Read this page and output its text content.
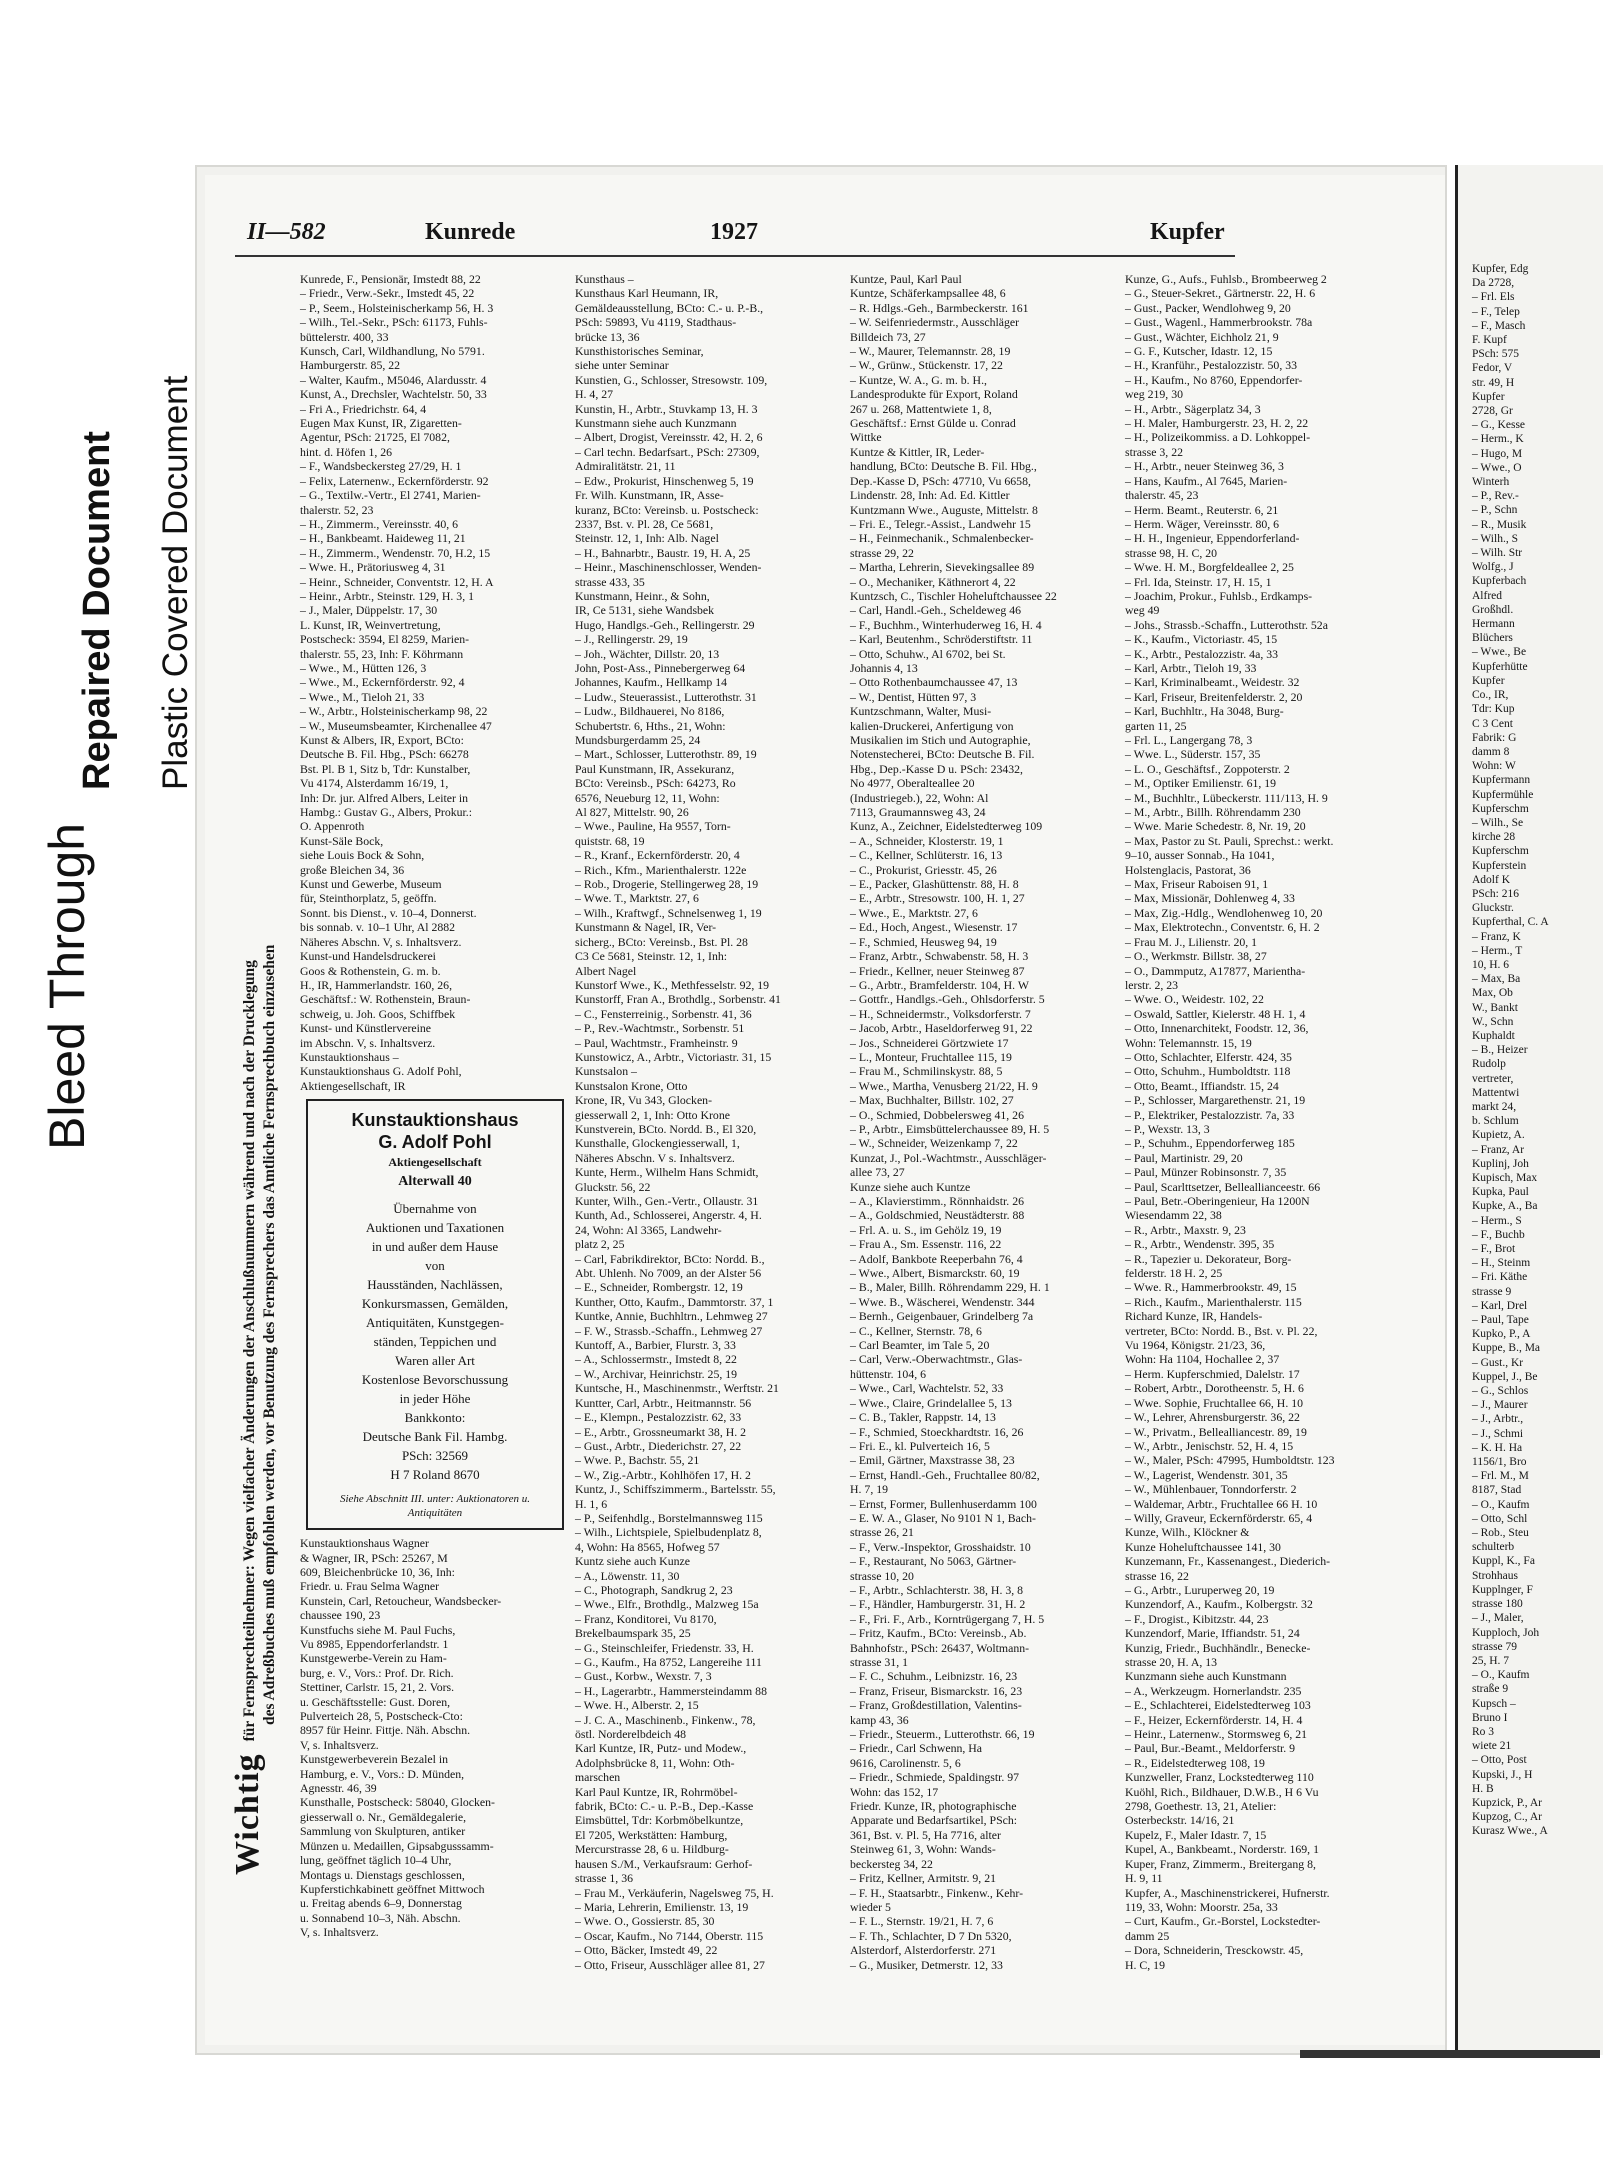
Bleed Through
Repaired Document Plastic Covered Document
II—582	Kunrede	1927	Kupfer
Wichtigfür Fernsprechteilnehmer: Wegen vielfacher Änderungen der Anschlußnummern während und nach der Drucklegung des Adreßbuches muß empfohlen werden, vor Benutzung des Fernsprechers das Amtliche Fernsprechbuch einzusehen
Kunrede, F., Pensionär, Imstedt 88, 22
– Friedr., Verw.-Sekr., Imstedt 45, 22
– P., Seem., Holsteinischerkamp 56, H. 3
– Wilh., Tel.-Sekr., PSch: 61173, Fuhls-
büttelerstr. 400, 33
Kunsch, Carl, Wildhandlung, No 5791.
Hamburgerstr. 85, 22
– Walter, Kaufm., M5046, Alardusstr. 4
Kunst, A., Drechsler, Wachtelstr. 50, 33
– Fri A., Friedrichstr. 64, 4
Eugen Max Kunst, IR, Zigaretten-
Agentur, PSch: 21725, El 7082,
hint. d. Höfen 1, 26
– F., Wandsbeckersteg 27/29, H. 1
– Felix, Laternenw., Eckernförderstr. 92
– G., Textilw.-Vertr., El 2741, Marien-
thalerstr. 52, 23
– H., Zimmerm., Vereinsstr. 40, 6
– H., Bankbeamt. Haideweg 11, 21
– H., Zimmerm., Wendenstr. 70, H.2, 15
– Wwe. H., Prätoriusweg 4, 31
– Heinr., Schneider, Conventstr. 12, H. A
– Heinr., Arbtr., Steinstr. 129, H. 3, 1
– J., Maler, Düppelstr. 17, 30
L. Kunst, IR, Weinvertretung,
Postscheck: 3594, El 8259, Marien-
thalerstr. 55, 23, Inh: F. Köhrmann
– Wwe., M., Hütten 126, 3
– Wwe., M., Eckernförderstr. 92, 4
– Wwe., M., Tieloh 21, 33
– W., Arbtr., Holsteinischerkamp 98, 22
– W., Museumsbeamter, Kirchenallee 47
Kunst & Albers, IR, Export, BCto:
Deutsche B. Fil. Hbg., PSch: 66278
Bst. Pl. B 1, Sitz b, Tdr: Kunstalber,
Vu 4174, Alsterdamm 16/19, 1,
Inh: Dr. jur. Alfred Albers, Leiter in
Hambg.: Gustav G., Albers, Prokur.:
O. Appenroth
Kunst-Säle Bock,
siehe Louis Bock & Sohn,
große Bleichen 34, 36
Kunst und Gewerbe, Museum
für, Steinthorplatz, 5, geöffn.
Sonnt. bis Dienst., v. 10–4, Donnerst.
bis sonnab. v. 10–1 Uhr, Al 2882
Näheres Abschn. V, s. Inhaltsverz.
Kunst-und Handelsdruckerei
Goos & Rothenstein, G. m. b.
H., IR, Hammerlandstr. 160, 26,
Geschäftsf.: W. Rothenstein, Braun-
schweig, u. Joh. Goos, Schiffbek
Kunst- und Künstlervereine
im Abschn. V, s. Inhaltsverz.
Kunstauktionshaus –
Kunstauktionshaus G. Adolf Pohl,
Aktiengesellschaft, IR
Kunstauktionshaus
G. Adolf Pohl
Aktiengesellschaft
Alterwall 40
Übernahme von
Auktionen und Taxationen
in und außer dem Hause
von
Hausständen, Nachlässen,
Konkursmassen, Gemälden,
Antiquitäten, Kunstgegen-
ständen, Teppichen und
Waren aller Art
Kostenlose Bevorschussung
in jeder Höhe
Bankkonto:
Deutsche Bank Fil. Hambg.
PSch: 32569
H 7 Roland 8670
Siehe Abschnitt III. unter: Auktionatoren u. Antiquitäten
Kunstauktionshaus Wagner
& Wagner, IR, PSch: 25267, M
609, Bleichenbrücke 10, 36, Inh:
Friedr. u. Frau Selma Wagner
Kunstein, Carl, Retoucheur, Wandsbecker-
chaussee 190, 23
Kunstfuchs siehe M. Paul Fuchs,
Vu 8985, Eppendorferlandstr. 1
Kunstgewerbe-Verein zu Ham-
burg, e. V., Vors.: Prof. Dr. Rich.
Stettiner, Carlstr. 15, 21, 2. Vors.
u. Geschäftsstelle: Gust. Doren,
Pulverteich 28, 5, Postscheck-Cto:
8957 für Heinr. Fittje. Näh. Abschn.
V, s. Inhaltsverz.
Kunstgewerbeverein Bezalel in
Hamburg, e. V., Vors.: D. Münden,
Agnesstr. 46, 39
Kunsthalle, Postscheck: 58040, Glocken-
giesserwall o. Nr., Gemäldegalerie,
Sammlung von Skulpturen, antiker
Münzen u. Medaillen, Gipsabgusssamm-
lung, geöffnet täglich 10–4 Uhr,
Montags u. Dienstags geschlossen,
Kupferstichkabinett geöffnet Mittwoch
u. Freitag abends 6–9, Donnerstag
u. Sonnabend 10–3, Näh. Abschn.
V, s. Inhaltsverz.
Kunsthaus –
Kunsthaus Karl Heumann, IR,
Gemäldeausstellung, BCto: C.- u. P.-B.,
PSch: 59893, Vu 4119, Stadthaus-
brücke 13, 36
Kunsthistorisches Seminar,
siehe unter Seminar
Kunstien, G., Schlosser, Stresowstr. 109,
H. 4, 27
Kunstin, H., Arbtr., Stuvkamp 13, H. 3
Kunstmann siehe auch Kunzmann
– Albert, Drogist, Vereinsstr. 42, H. 2, 6
– Carl techn. Bedarfsart., PSch: 27309,
Admiralitätstr. 21, 11
– Edw., Prokurist, Hinschenweg 5, 19
Fr. Wilh. Kunstmann, IR, Asse-
kuranz, BCto: Vereinsb. u. Postscheck:
2337, Bst. v. Pl. 28, Ce 5681,
Steinstr. 12, 1, Inh: Alb. Nagel
– H., Bahnarbtr., Baustr. 19, H. A, 25
– Heinr., Maschinenschlosser, Wenden-
strasse 433, 35
Kunstmann, Heinr., & Sohn,
IR, Ce 5131, siehe Wandsbek
Hugo, Handlgs.-Geh., Rellingerstr. 29
– J., Rellingerstr. 29, 19
– Joh., Wächter, Dillstr. 20, 13
John, Post-Ass., Pinnebergerweg 64
Johannes, Kaufm., Hellkamp 14
– Ludw., Steuerassist., Lutterothstr. 31
– Ludw., Bildhauerei, No 8186,
Schubertstr. 6, Hths., 21, Wohn:
Mundsburgerdamm 25, 24
– Mart., Schlosser, Lutterothstr. 89, 19
Paul Kunstmann, IR, Assekuranz,
BCto: Vereinsb., PSch: 64273, Ro
6576, Neueburg 12, 11, Wohn:
Al 827, Mittelstr. 90, 26
– Wwe., Pauline, Ha 9557, Torn-
quiststr. 68, 19
– R., Kranf., Eckernförderstr. 20, 4
– Rich., Kfm., Marienthalerstr. 122e
– Rob., Drogerie, Stellingerweg 28, 19
– Wwe. T., Marktstr. 27, 6
– Wilh., Kraftwgf., Schnelsenweg 1, 19
Kunstmann & Nagel, IR, Ver-
sicherg., BCto: Vereinsb., Bst. Pl. 28
C3 Ce 5681, Steinstr. 12, 1, Inh:
Albert Nagel
Kunstorf Wwe., K., Methfesselstr. 92, 19
Kunstorff, Fran A., Brothdlg., Sorbenstr. 41
– C., Fensterreinig., Sorbenstr. 41, 36
– P., Rev.-Wachtmstr., Sorbenstr. 51
– Paul, Wachtmstr., Framheinstr. 9
Kunstowicz, A., Arbtr., Victoriastr. 31, 15
Kunstsalon –
Kunstsalon Krone, Otto
Krone, IR, Vu 343, Glocken-
giesserwall 2, 1, Inh: Otto Krone
Kunstverein, BCto. Nordd. B., El 320,
Kunsthalle, Glockengiesserwall, 1,
Näheres Abschn. V s. Inhaltsverz.
Kunte, Herm., Wilhelm Hans Schmidt,
Gluckstr. 56, 22
Kunter, Wilh., Gen.-Vertr., Ollaustr. 31
Kunth, Ad., Schlosserei, Angerstr. 4, H.
24, Wohn: Al 3365, Landwehr-
platz 2, 25
– Carl, Fabrikdirektor, BCto: Nordd. B.,
Abt. Uhlenh. No 7009, an der Alster 56
– E., Schneider, Rombergstr. 12, 19
Kunther, Otto, Kaufm., Dammtorstr. 37, 1
Kuntke, Annie, Buchhltrn., Lehmweg 27
– F. W., Strassb.-Schaffn., Lehmweg 27
Kuntoff, A., Barbier, Flurstr. 3, 33
– A., Schlossermstr., Imstedt 8, 22
– W., Archivar, Heinrichstr. 25, 19
Kuntsche, H., Maschinenmstr., Werftstr. 21
Kuntter, Carl, Arbtr., Heitmannstr. 56
– E., Klempn., Pestalozzistr. 62, 33
– E., Arbtr., Grossneumarkt 38, H. 2
– Gust., Arbtr., Diederichstr. 27, 22
– Wwe. P., Bachstr. 55, 21
– W., Zig.-Arbtr., Kohlhöfen 17, H. 2
Kuntz, J., Schiffszimmerm., Bartelsstr. 55,
H. 1, 6
– P., Seifenhdlg., Borstelmannsweg 115
– Wilh., Lichtspiele, Spielbudenplatz 8,
4, Wohn: Ha 8565, Hofweg 57
Kuntz siehe auch Kunze
– A., Löwenstr. 11, 30
– C., Photograph, Sandkrug 2, 23
– Wwe., Elfr., Brothdlg., Malzweg 15a
– Franz, Konditorei, Vu 8170,
Brekelbaumspark 35, 25
– G., Steinschleifer, Friedenstr. 33, H.
– G., Kaufm., Ha 8752, Langereihe 111
– Gust., Korbw., Wexstr. 7, 3
– H., Lagerarbtr., Hammersteindamm 88
– Wwe. H., Alberstr. 2, 15
– J. C. A., Maschinenb., Finkenw., 78,
östl. Norderelbdeich 48
Karl Kuntze, IR, Putz- und Modew.,
Adolphsbrücke 8, 11, Wohn: Oth-
marschen
Karl Paul Kuntze, IR, Rohrmöbel-
fabrik, BCto: C.- u. P.-B., Dep.-Kasse
Eimsbüttel, Tdr: Korbmöbelkuntze,
El 7205, Werkstätten: Hamburg,
Mercurstrasse 28, 6 u. Hildburg-
hausen S./M., Verkaufsraum: Gerhof-
strasse 1, 36
– Frau M., Verkäuferin, Nagelsweg 75, H.
– Maria, Lehrerin, Emilienstr. 13, 19
– Wwe. O., Gossierstr. 85, 30
– Oscar, Kaufm., No 7144, Oberstr. 115
– Otto, Bäcker, Imstedt 49, 22
– Otto, Friseur, Ausschläger allee 81, 27
Kuntze, Paul, Karl Paul
Kuntze, Schäferkampsallee 48, 6
– R. Hdlgs.-Geh., Barmbeckerstr. 161
– W. Seifenriedermstr., Ausschläger
Billdeich 73, 27
– W., Maurer, Telemannstr. 28, 19
– W., Grünw., Stückenstr. 17, 22
– Kuntze, W. A., G. m. b. H.,
Landesprodukte für Export, Roland
267 u. 268, Mattentwiete 1, 8,
Geschäftsf.: Ernst Gülde u. Conrad
Wittke
Kuntze & Kittler, IR, Leder-
handlung, BCto: Deutsche B. Fil. Hbg.,
Dep.-Kasse D, PSch: 47710, Vu 6658,
Lindenstr. 28, Inh: Ad. Ed. Kittler
Kuntzmann Wwe., Auguste, Mittelstr. 8
– Fri. E., Telegr.-Assist., Landwehr 15
– H., Feinmechanik., Schmalenbecker-
strasse 29, 22
– Martha, Lehrerin, Sievekingsallee 89
– O., Mechaniker, Käthnerort 4, 22
Kuntzsch, C., Tischler Hoheluftchaussee 22
– Carl, Handl.-Geh., Scheldeweg 46
– F., Buchhm., Winterhuderweg 16, H. 4
– Karl, Beutenhm., Schröderstiftstr. 11
– Otto, Schuhw., Al 6702, bei St.
Johannis 4, 13
– Otto Rothenbaumchaussee 47, 13
– W., Dentist, Hütten 97, 3
Kuntzschmann, Walter, Musi-
kalien-Druckerei, Anfertigung von
Musikalien im Stich und Autographie,
Notenstecherei, BCto: Deutsche B. Fil.
Hbg., Dep.-Kasse D u. PSch: 23432,
No 4977, Oberalteallee 20
(Industriegeb.), 22, Wohn: Al
7113, Graumannsweg 43, 24
Kunz, A., Zeichner, Eidelstedterweg 109
– A., Schneider, Klosterstr. 19, 1
– C., Kellner, Schlüterstr. 16, 13
– C., Prokurist, Griesstr. 45, 26
– E., Packer, Glashüttenstr. 88, H. 8
– E., Arbtr., Stresowstr. 100, H. 1, 27
– Wwe., E., Marktstr. 27, 6
– Ed., Hoch, Angest., Wiesenstr. 17
– F., Schmied, Heusweg 94, 19
– Franz, Arbtr., Schwabenstr. 58, H. 3
– Friedr., Kellner, neuer Steinweg 87
– G., Arbtr., Bramfelderstr. 104, H. W
– Gottfr., Handlgs.-Geh., Ohlsdorferstr. 5
– H., Schneidermstr., Volksdorferstr. 7
– Jacob, Arbtr., Haseldorferweg 91, 22
– Jos., Schneiderei Görtzwiete 17
– L., Monteur, Fruchtallee 115, 19
– Frau M., Schmilinskystr. 88, 5
– Wwe., Martha, Venusberg 21/22, H. 9
– Max, Buchhalter, Billstr. 102, 27
– O., Schmied, Dobbelersweg 41, 26
– P., Arbtr., Eimsbüttelerchaussee 89, H. 5
– W., Schneider, Weizenkamp 7, 22
Kunzat, J., Pol.-Wachtmstr., Ausschläger-
allee 73, 27
Kunze siehe auch Kuntze
– A., Klavierstimm., Rönnhaidstr. 26
– A., Goldschmied, Neustädterstr. 88
– Frl. A. u. S., im Gehölz 19, 19
– Frau A., Sm. Essenstr. 116, 22
– Adolf, Bankbote Reeperbahn 76, 4
– Wwe., Albert, Bismarckstr. 60, 19
– B., Maler, Billh. Röhrendamm 229, H. 1
– Wwe. B., Wäscherei, Wendenstr. 344
– Bernh., Geigenbauer, Grindelberg 7a
– C., Kellner, Sternstr. 78, 6
– Carl Beamter, im Tale 5, 20
– Carl, Verw.-Oberwachtmstr., Glas-
hüttenstr. 104, 6
– Wwe., Carl, Wachtelstr. 52, 33
– Wwe., Claire, Grindelallee 5, 13
– C. B., Takler, Rappstr. 14, 13
– F., Schmied, Stoeckhardtstr. 16, 26
– Fri. E., kl. Pulverteich 16, 5
– Emil, Gärtner, Maxstrasse 38, 23
– Ernst, Handl.-Geh., Fruchtallee 80/82,
H. 7, 19
– Ernst, Former, Bullenhuserdamm 100
– E. W. A., Glaser, No 9101 N 1, Bach-
strasse 26, 21
– F., Verw.-Inspektor, Grosshaidstr. 10
– F., Restaurant, No 5063, Gärtner-
strasse 10, 20
– F., Arbtr., Schlachterstr. 38, H. 3, 8
– F., Händler, Hamburgerstr. 31, H. 2
– F., Fri. F., Arb., Korntrügergang 7, H. 5
– Fritz, Kaufm., BCto: Vereinsb., Ab.
Bahnhofstr., PSch: 26437, Woltmann-
strasse 31, 1
– F. C., Schuhm., Leibnizstr. 16, 23
– Franz, Friseur, Bismarckstr. 16, 23
– Franz, Großdestillation, Valentins-
kamp 43, 36
– Friedr., Steuerm., Lutterothstr. 66, 19
– Friedr., Carl Schwenn, Ha
9616, Carolinenstr. 5, 6
– Friedr., Schmiede, Spaldingstr. 97
Wohn: das 152, 17
Friedr. Kunze, IR, photographische
Apparate und Bedarfsartikel, PSch:
361, Bst. v. Pl. 5, Ha 7716, alter
Steinweg 61, 3, Wohn: Wands-
beckersteg 34, 22
– Fritz, Kellner, Armitstr. 9, 21
– F. H., Staatsarbtr., Finkenw., Kehr-
wieder 5
– F. L., Sternstr. 19/21, H. 7, 6
– F. Th., Schlachter, D 7 Dn 5320,
Alsterdorf, Alsterdorferstr. 271
– G., Musiker, Detmerstr. 12, 33
Kunze, G., Aufs., Fuhlsb., Brombeerweg 2
– G., Steuer-Sekret., Gärtnerstr. 22, H. 6
– Gust., Packer, Wendlohweg 9, 20
– Gust., Wagenl., Hammerbrookstr. 78a
– Gust., Wächter, Eichholz 21, 9
– G. F., Kutscher, Idastr. 12, 15
– H., Kranführ., Pestalozzistr. 50, 33
– H., Kaufm., No 8760, Eppendorfer-
weg 219, 30
– H., Arbtr., Sägerplatz 34, 3
– H. Maler, Hamburgerstr. 23, H. 2, 22
– H., Polizeikommiss. a D. Lohkoppel-
strasse 3, 22
– H., Arbtr., neuer Steinweg 36, 3
– Hans, Kaufm., Al 7645, Marien-
thalerstr. 45, 23
– Herm. Beamt., Reuterstr. 6, 21
– Herm. Wäger, Vereinsstr. 80, 6
– H. H., Ingenieur, Eppendorferland-
strasse 98, H. C, 20
– Wwe. H. M., Borgfeldeallee 2, 25
– Frl. Ida, Steinstr. 17, H. 15, 1
– Joachim, Prokur., Fuhlsb., Erdkamps-
weg 49
– Johs., Strassb.-Schaffn., Lutterothstr. 52a
– K., Kaufm., Victoriastr. 45, 15
– K., Arbtr., Pestalozzistr. 4a, 33
– Karl, Arbtr., Tieloh 19, 33
– Karl, Kriminalbeamt., Weidestr. 32
– Karl, Friseur, Breitenfelderstr. 2, 20
– Karl, Buchhltr., Ha 3048, Burg-
garten 11, 25
– Frl. L., Langergang 78, 3
– Wwe. L., Süderstr. 157, 35
– L. O., Geschäftsf., Zoppoterstr. 2
– M., Optiker Emilienstr. 61, 19
– M., Buchhltr., Lübeckerstr. 111/113, H. 9
– M., Arbtr., Billh. Röhrendamm 230
– Wwe. Marie Schedestr. 8, Nr. 19, 20
– Max, Pastor zu St. Pauli, Sprechst.: werkt.
9–10, ausser Sonnab., Ha 1041,
Holstenglacis, Pastorat, 36
– Max, Friseur Raboisen 91, 1
– Max, Missionär, Dohlenweg 4, 33
– Max, Zig.-Hdlg., Wendlohenweg 10, 20
– Max, Elektrotechn., Conventstr. 6, H. 2
– Frau M. J., Lilienstr. 20, 1
– O., Werkmstr. Billstr. 38, 27
– O., Dammputz, A17877, Marientha-
lerstr. 2, 23
– Wwe. O., Weidestr. 102, 22
– Oswald, Sattler, Kielerstr. 48 H. 1, 4
– Otto, Innenarchitekt, Foodstr. 12, 36,
Wohn: Telemannstr. 15, 19
– Otto, Schlachter, Elferstr. 424, 35
– Otto, Schuhm., Humboldtstr. 118
– Otto, Beamt., Iffiandstr. 15, 24
– P., Schlosser, Margarethenstr. 21, 19
– P., Elektriker, Pestalozzistr. 7a, 33
– P., Wexstr. 13, 3
– P., Schuhm., Eppendorferweg 185
– Paul, Martinistr. 29, 20
– Paul, Münzer Robinsonstr. 7, 35
– Paul, Scarlttsetzer, Belleallianceestr. 66
– Paul, Betr.-Oberingenieur, Ha 1200N
Wiesendamm 22, 38
– R., Arbtr., Maxstr. 9, 23
– R., Arbtr., Wendenstr. 395, 35
– R., Tapezier u. Dekorateur, Borg-
felderstr. 18 H. 2, 25
– Wwe. R., Hammerbrookstr. 49, 15
– Rich., Kaufm., Marienthalerstr. 115
Richard Kunze, IR, Handels-
vertreter, BCto: Nordd. B., Bst. v. Pl. 22,
Vu 1964, Königstr. 21/23, 36,
Wohn: Ha 1104, Hochallee 2, 37
– Herm. Kupferschmied, Dalelstr. 17
– Robert, Arbtr., Dorotheenstr. 5, H. 6
– Wwe. Sophie, Fruchtallee 66, H. 10
– W., Lehrer, Ahrensburgerstr. 36, 22
– W., Privatm., Bellealliancestr. 89, 19
– W., Arbtr., Jenischstr. 52, H. 4, 15
– W., Maler, PSch: 47995, Humboldtstr. 123
– W., Lagerist, Wendenstr. 301, 35
– W., Mühlenbauer, Tonndorferstr. 2
– Waldemar, Arbtr., Fruchtallee 66 H. 10
– Willy, Graveur, Eckernförderstr. 65, 4
Kunze, Wilh., Klöckner &
Kunze Hoheluftchaussee 141, 30
Kunzemann, Fr., Kassenangest., Diederich-
strasse 16, 22
– G., Arbtr., Luruperweg 20, 19
Kunzendorf, A., Kaufm., Kolbergstr. 32
– F., Drogist., Kibitzstr. 44, 23
Kunzendorf, Marie, Iffiandstr. 51, 24
Kunzig, Friedr., Buchhändlr., Benecke-
strasse 20, H. A, 13
Kunzmann siehe auch Kunstmann
– A., Werkzeugm. Hornerlandstr. 235
– E., Schlachterei, Eidelstedterweg 103
– F., Heizer, Eckernförderstr. 14, H. 4
– Heinr., Laternenw., Stormsweg 6, 21
– Paul, Bur.-Beamt., Meldorferstr. 9
– R., Eidelstedterweg 108, 19
Kunzweller, Franz, Lockstedterweg 110
Kuöhl, Rich., Bildhauer, D.W.B., H 6 Vu
2798, Goethestr. 13, 21, Atelier:
Osterbeckstr. 14/16, 21
Kupelz, F., Maler Idastr. 7, 15
Kupel, A., Bankbeamt., Norderstr. 169, 1
Kuper, Franz, Zimmerm., Breitergang 8,
H. 9, 11
Kupfer, A., Maschinenstrickerei, Hufnerstr.
119, 33, Wohn: Moorstr. 25a, 33
– Curt, Kaufm., Gr.-Borstel, Lockstedter-
damm 25
– Dora, Schneiderin, Tresckowstr. 45,
H. C, 19
Kupfer, Edg
Da 2728,
– Frl. Els
– F., Telep
– F., Masch
F. Kupf
PSch: 575
Fedor, V
str. 49, H
Kupfer
2728, Gr
– G., Kesse
– Herm., K
– Hugo, M
– Wwe., O
Winterh
– P., Rev.-
– P., Schn
– R., Musik
– Wilh., S
– Wilh. Str
Wolfg., J
Kupferbach
Alfred
Großhdl.
Hermann
Blüchers
– Wwe., Be
Kupferhütte
Kupfer
Co., IR,
Tdr: Kup
C 3 Cent
Fabrik: G
damm 8
Wohn: W
Kupfermann
Kupfermühle
Kupferschm
– Wilh., Se
kirche 28
Kupferschm
Kupferstein
Adolf K
PSch: 216
Gluckstr.
Kupferthal, C. A
– Franz, K
– Herm., T
10, H. 6
– Max, Ba
Max, Ob
W., Bankt
W., Schn
Kuphaldt
– B., Heizer
Rudolp
vertreter,
Mattentwi
markt 24,
b. Schlum
Kupietz, A.
– Franz, Ar
Kuplinj, Joh
Kupisch, Max
Kupka, Paul
Kupke, A., Ba
– Herm., S
– F., Buchb
– F., Brot
– H., Steinm
– Fri. Käthe
strasse 9
– Karl, Drel
– Paul, Tape
Kupko, P., A
Kuppe, B., Ma
– Gust., Kr
Kuppel, J., Be
– G., Schlos
– J., Maurer
– J., Arbtr.,
– J., Schmi
– K. H. Ha
1156/1, Bro
– Frl. M., M
8187, Stad
– O., Kaufm
– Otto, Schl
– Rob., Steu
schulterb
Kuppl, K., Fa
Strohhaus
Kupplnger, F
strasse 180
– J., Maler,
Kupploch, Joh
strasse 79
25, H. 7
– O., Kaufm
straße 9
Kupsch –
Bruno I
Ro 3
wiete 21
– Otto, Post
Kupski, J., H
H. B
Kupzick, P., Ar
Kupzog, C., Ar
Kurasz Wwe., A
